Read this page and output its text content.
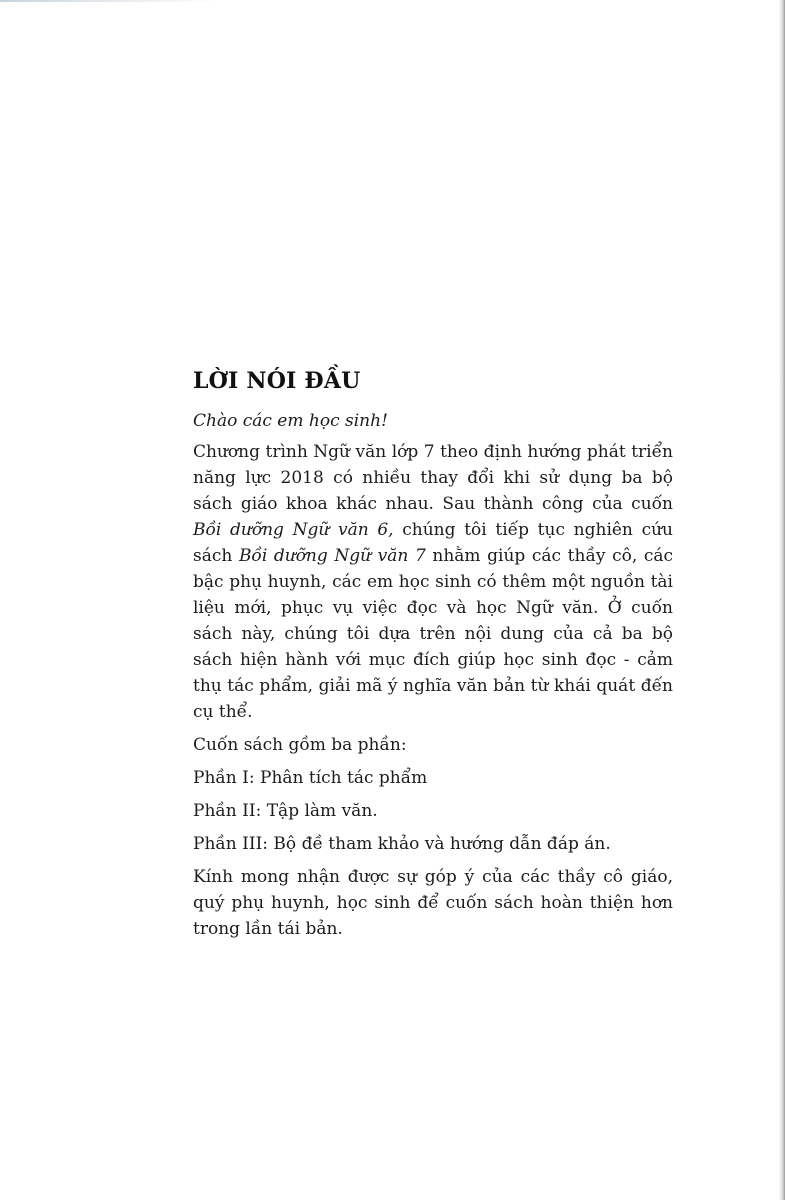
LỜI NÓI ĐẦU

Chào các em học sinh!

Chương trình Ngữ văn lớp 7 theo định hướng phát triển năng lực 2018 có nhiều thay đổi khi sử dụng ba bộ sách giáo khoa khác nhau. Sau thành công của cuốn Bồi dưỡng Ngữ văn 6, chúng tôi tiếp tục nghiên cứu sách Bồi dưỡng Ngữ văn 7 nhằm giúp các thầy cô, các bậc phụ huynh, các em học sinh có thêm một nguồn tài liệu mới, phục vụ việc đọc và học Ngữ văn. Ở cuốn sách này, chúng tôi dựa trên nội dung của cả ba bộ sách hiện hành với mục đích giúp học sinh đọc - cảm thụ tác phẩm, giải mã ý nghĩa văn bản từ khái quát đến cụ thể.

Cuốn sách gồm ba phần:

Phần I: Phân tích tác phẩm

Phần II: Tập làm văn.

Phần III: Bộ đề tham khảo và hướng dẫn đáp án.

Kính mong nhận được sự góp ý của các thầy cô giáo, quý phụ huynh, học sinh để cuốn sách hoàn thiện hơn trong lần tái bản.
